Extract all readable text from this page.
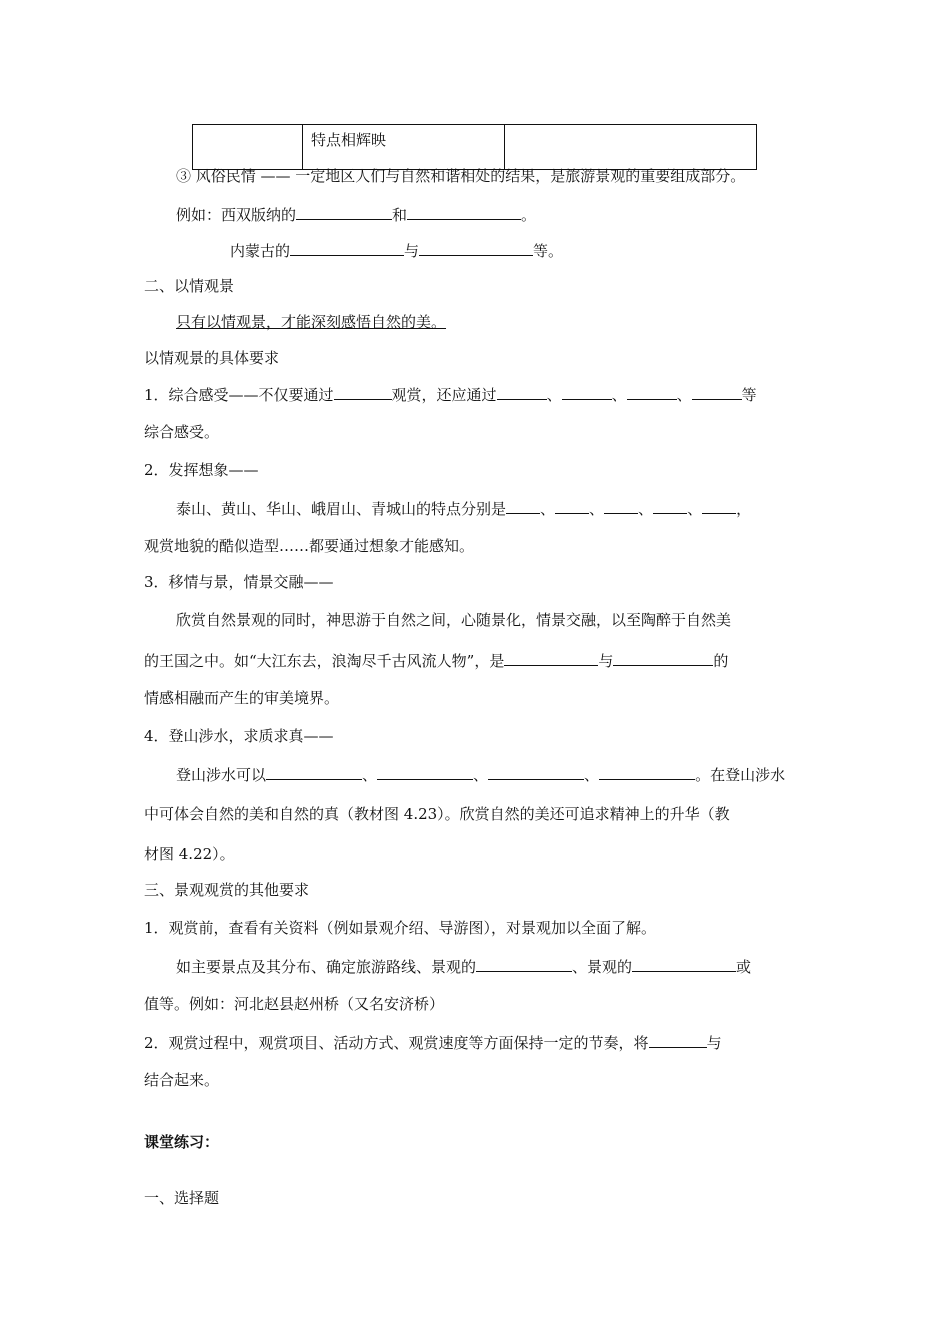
	特点相辉映	
③ 风俗民情 —— 一定地区人们与自然和谐相处的结果，是旅游景观的重要组成部分。
例如：西双版纳的	和	。
内蒙古的	与	等。
二、以情观景
只有以情观景，才能深刻感悟自然的美。
以情观景的具体要求
1．综合感受——不仅要通过	观赏，还应通过	、	、	、	等
综合感受。
2．发挥想象——
泰山、黄山、华山、峨眉山、青城山的特点分别是 、 、 、 、 ，
观赏地貌的酷似造型……都要通过想象才能感知。
3．移情与景，情景交融——
欣赏自然景观的同时，神思游于自然之间，心随景化，情景交融，以至陶醉于自然美
的王国之中。如“大江东去，浪淘尽千古风流人物”，是	与	的
情感相融而产生的审美境界。
4．登山涉水，求质求真——
登山涉水可以	、	、	、	。在登山涉水
中可体会自然的美和自然的真（教材图 4.23）。欣赏自然的美还可追求精神上的升华（教
材图 4.22）。
三、景观观赏的其他要求
1．观赏前，查看有关资料（例如景观介绍、导游图），对景观加以全面了解。
如主要景点及其分布、确定旅游路线、景观的	、景观的	或
值等。例如：河北赵县赵州桥（又名安济桥）
2．观赏过程中，观赏项目、活动方式、观赏速度等方面保持一定的节奏，将	与
结合起来。
课堂练习：
一、选择题
